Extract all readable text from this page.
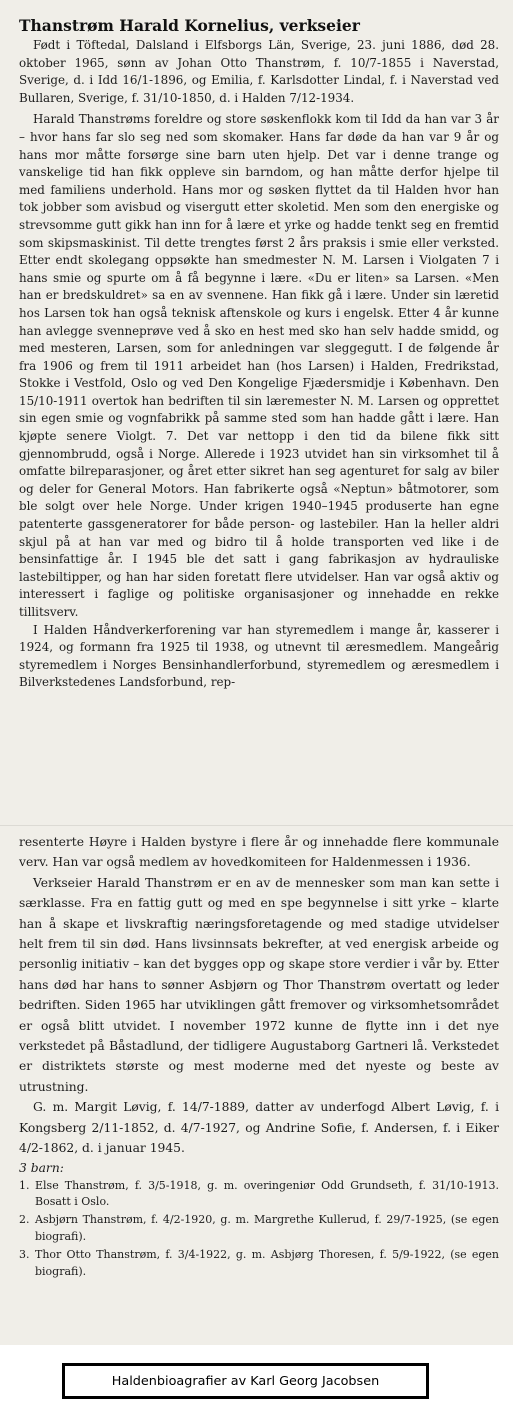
Thanstrøm Harald Kornelius, verkseier

Født i Töftedal, Dalsland i Elfsborgs Län, Sverige, 23. juni 1886, død 28. oktober 1965, sønn av Johan Otto Thanstrøm, f. 10/7-1855 i Naverstad, Sverige, d. i Idd 16/1-1896, og Emilia, f. Karlsdotter Lindal, f. i Naverstad ved Bullaren, Sverige, f. 31/10-1850, d. i Halden 7/12-1934.

Harald Thanstrøms foreldre og store søskenflokk kom til Idd da han var 3 år – hvor hans far slo seg ned som skomaker. Hans far døde da han var 9 år og hans mor måtte forsørge sine barn uten hjelp. Det var i denne trange og vanskelige tid han fikk oppleve sin barndom, og han måtte derfor hjelpe til med familiens underhold. Hans mor og søsken flyttet da til Halden hvor han tok jobber som avisbud og visergutt etter skoletid. Men som den energiske og strevsomme gutt gikk han inn for å lære et yrke og hadde tenkt seg en fremtid som skipsmaskinist. Til dette trengtes først 2 års praksis i smie eller verksted. Etter endt skolegang oppsøkte han smedmester N. M. Larsen i Violgaten 7 i hans smie og spurte om å få begynne i lære. «Du er liten» sa Larsen. «Men han er bredskuldret» sa en av svennene. Han fikk gå i lære. Under sin læretid hos Larsen tok han også teknisk aftenskole og kurs i engelsk. Etter 4 år kunne han avlegge svenneprøve ved å sko en hest med sko han selv hadde smidd, og med mesteren, Larsen, som for anledningen var sleggegutt. I de følgende år fra 1906 og frem til 1911 arbeidet han (hos Larsen) i Halden, Fredrikstad, Stokke i Vestfold, Oslo og ved Den Kongelige Fjædersmidje i København. Den 15/10-1911 overtok han bedriften til sin læremester N. M. Larsen og opprettet sin egen smie og vognfabrikk på samme sted som han hadde gått i lære. Han kjøpte senere Violgt. 7. Det var nettopp i den tid da bilene fikk sitt gjennombrudd, også i Norge. Allerede i 1923 utvidet han sin virksomhet til å omfatte bilreparasjoner, og året etter sikret han seg agenturet for salg av biler og deler for General Motors. Han fabrikerte også «Neptun» båtmotorer, som ble solgt over hele Norge. Under krigen 1940–1945 produserte han egne patenterte gassgeneratorer for både person- og lastebiler. Han la heller aldri skjul på at han var med og bidro til å holde transporten ved like i de bensinfattige år. I 1945 ble det satt i gang fabrikasjon av hydrauliske lastebiltipper, og han har siden foretatt flere utvidelser. Han var også aktiv og interessert i faglige og politiske organisasjoner og innehadde en rekke tillitsverv.

I Halden Håndverkerforening var han styremedlem i mange år, kasserer i 1924, og formann fra 1925 til 1938, og utnevnt til æresmedlem. Mangeårig styremedlem i Norges Bensinhandlerforbund, styremedlem og æresmedlem i Bilverkstedenes Landsforbund, rep-

resenterte Høyre i Halden bystyre i flere år og innehadde flere kommunale verv. Han var også medlem av hovedkomiteen for Haldenmessen i 1936.

Verkseier Harald Thanstrøm er en av de mennesker som man kan sette i særklasse. Fra en fattig gutt og med en spe begynnelse i sitt yrke – klarte han å skape et livskraftig næringsforetagende og med stadige utvidelser helt frem til sin død. Hans livsinnsats bekrefter, at ved energisk arbeide og personlig initiativ – kan det bygges opp og skape store verdier i vår by. Etter hans død har hans to sønner Asbjørn og Thor Thanstrøm overtatt og leder bedriften. Siden 1965 har utviklingen gått fremover og virksomhetsområdet er også blitt utvidet. I november 1972 kunne de flytte inn i det nye verkstedet på Båstadlund, der tidligere Augustaborg Gartneri lå. Verkstedet er distriktets største og mest moderne med det nyeste og beste av utrustning.

G. m. Margit Løvig, f. 14/7-1889, datter av underfogd Albert Løvig, f. i Kongsberg 2/11-1852, d. 4/7-1927, og Andrine Sofie, f. Andersen, f. i Eiker 4/2-1862, d. i januar 1945.

3 barn:

1. Else Thanstrøm, f. 3/5-1918, g. m. overingeniør Odd Grundseth, f. 31/10-1913. Bosatt i Oslo.
2. Asbjørn Thanstrøm, f. 4/2-1920, g. m. Margrethe Kullerud, f. 29/7-1925, (se egen biografi).
3. Thor Otto Thanstrøm, f. 3/4-1922, g. m. Asbjørg Thoresen, f. 5/9-1922, (se egen biografi).
Haldenbioagrafier av Karl Georg Jacobsen
